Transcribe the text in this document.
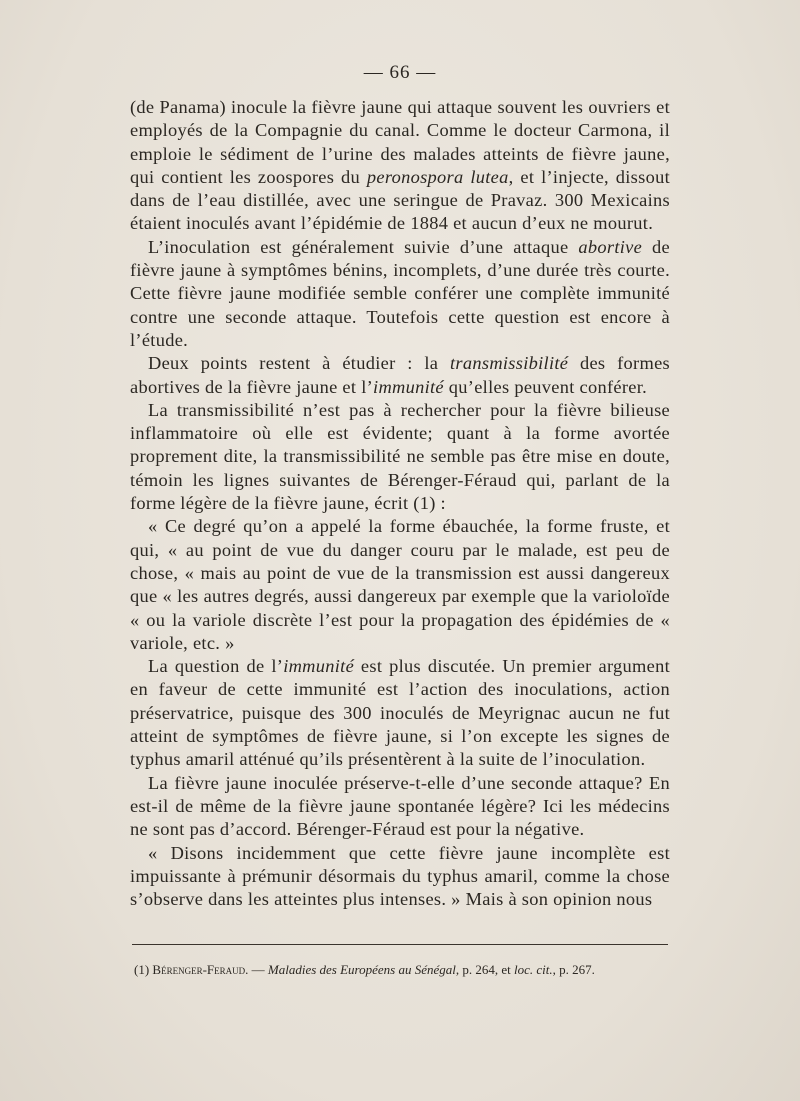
— 66 —

(de Panama) inocule la fièvre jaune qui attaque souvent les ouvriers et employés de la Compagnie du canal. Comme le docteur Carmona, il emploie le sédiment de l’urine des malades atteints de fièvre jaune, qui contient les zoospores du peronospora lutea, et l’injecte, dissout dans de l’eau distillée, avec une seringue de Pravaz. 300 Mexicains étaient inoculés avant l’épidémie de 1884 et aucun d’eux ne mourut.

L’inoculation est généralement suivie d’une attaque abortive de fièvre jaune à symptômes bénins, incomplets, d’une durée très courte. Cette fièvre jaune modifiée semble conférer une complète immunité contre une seconde attaque. Toutefois cette question est encore à l’étude.

Deux points restent à étudier : la transmissibilité des formes abortives de la fièvre jaune et l’immunité qu’elles peuvent conférer.

La transmissibilité n’est pas à rechercher pour la fièvre bilieuse inflammatoire où elle est évidente; quant à la forme avortée proprement dite, la transmissibilité ne semble pas être mise en doute, témoin les lignes suivantes de Bérenger-Féraud qui, parlant de la forme légère de la fièvre jaune, écrit (1) :

« Ce degré qu’on a appelé la forme ébauchée, la forme fruste, et qui, « au point de vue du danger couru par le malade, est peu de chose, « mais au point de vue de la transmission est aussi dangereux que « les autres degrés, aussi dangereux par exemple que la varioloïde « ou la variole discrète l’est pour la propagation des épidémies de « variole, etc. »

La question de l’immunité est plus discutée. Un premier argument en faveur de cette immunité est l’action des inoculations, action préservatrice, puisque des 300 inoculés de Meyrignac aucun ne fut atteint de symptômes de fièvre jaune, si l’on excepte les signes de typhus amaril atténué qu’ils présentèrent à la suite de l’inoculation.

La fièvre jaune inoculée préserve-t-elle d’une seconde attaque? En est-il de même de la fièvre jaune spontanée légère? Ici les médecins ne sont pas d’accord. Bérenger-Féraud est pour la négative.

« Disons incidemment que cette fièvre jaune incomplète est impuissante à prémunir désormais du typhus amaril, comme la chose s’observe dans les atteintes plus intenses. » Mais à son opinion nous

(1) Bérenger-Feraud. — Maladies des Européens au Sénégal, p. 264, et loc. cit., p. 267.
